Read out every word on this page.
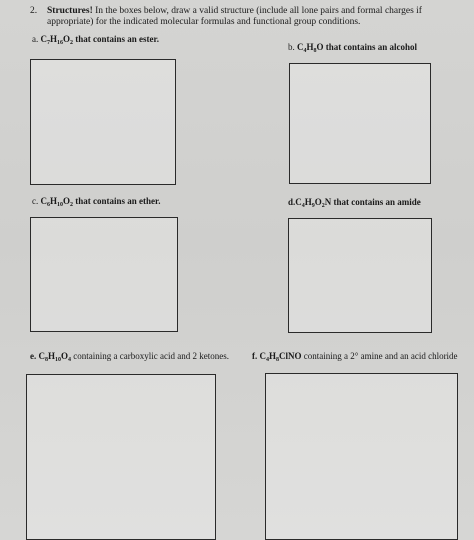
2. Structures! In the boxes below, draw a valid structure (include all lone pairs and formal charges if appropriate) for the indicated molecular formulas and functional group conditions.
a. $C_7H_{16}O_2$ that contains an ester.
b. $C_4H_8O$ that contains an alcohol
c. $C_6H_{10}O_2$ that contains an ether.	$d.C_4H_9O_2N$ that contains an amide
e. $C_8H_{10}O_4$ containing a carboxylic acid and 2 ketones.	f. $C_4H_8ClNO$ containing a 2° amine and an acid chloride
